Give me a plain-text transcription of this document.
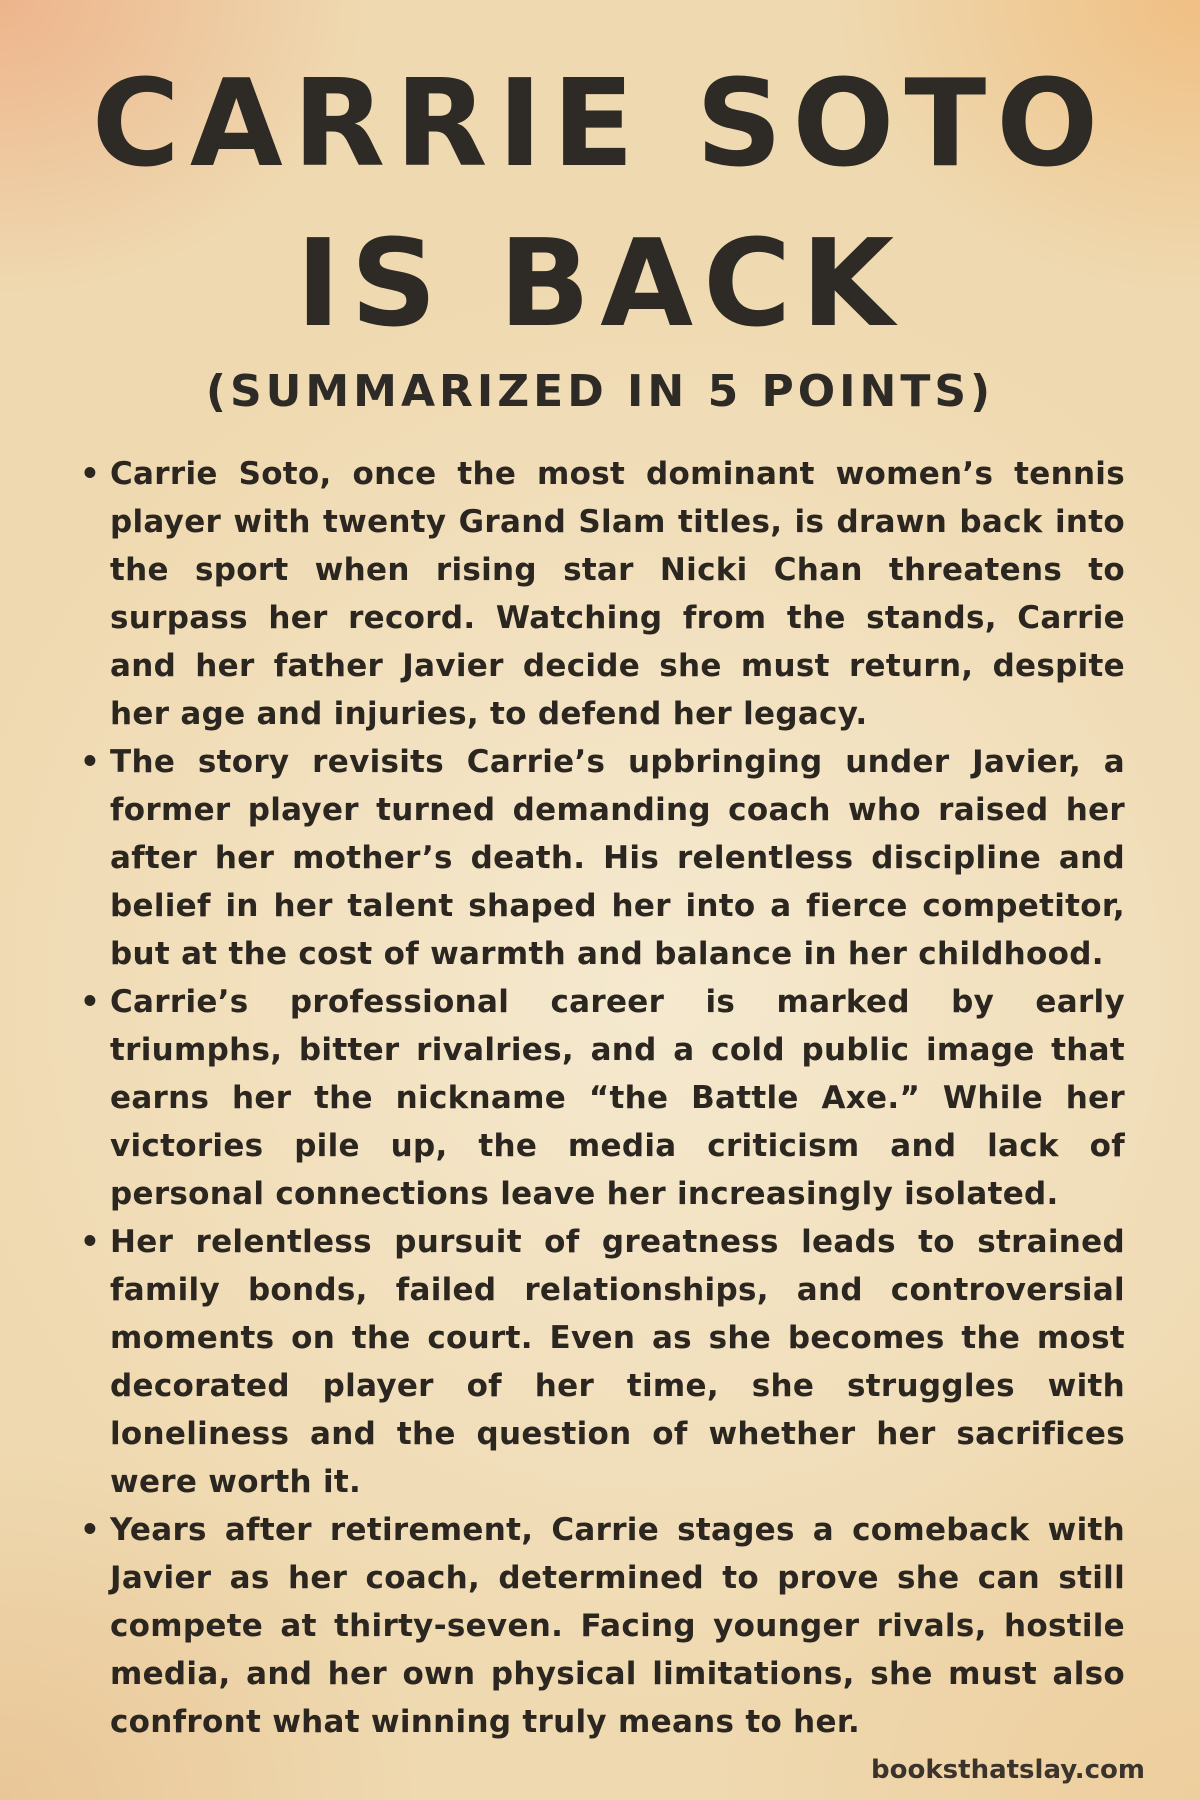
CARRIE SOTO
IS BACK

(SUMMARIZED IN 5 POINTS)

• Carrie Soto, once the most dominant women’s tennis player with twenty Grand Slam titles, is drawn back into the sport when rising star Nicki Chan threatens to surpass her record. Watching from the stands, Carrie and her father Javier decide she must return, despite her age and injuries, to defend her legacy.
• The story revisits Carrie’s upbringing under Javier, a former player turned demanding coach who raised her after her mother’s death. His relentless discipline and belief in her talent shaped her into a fierce competitor, but at the cost of warmth and balance in her childhood.
• Carrie’s professional career is marked by early triumphs, bitter rivalries, and a cold public image that earns her the nickname “the Battle Axe.” While her victories pile up, the media criticism and lack of personal connections leave her increasingly isolated.
• Her relentless pursuit of greatness leads to strained family bonds, failed relationships, and controversial moments on the court. Even as she becomes the most decorated player of her time, she struggles with loneliness and the question of whether her sacrifices were worth it.
• Years after retirement, Carrie stages a comeback with Javier as her coach, determined to prove she can still compete at thirty-seven. Facing younger rivals, hostile media, and her own physical limitations, she must also confront what winning truly means to her.
booksthatslay.com
